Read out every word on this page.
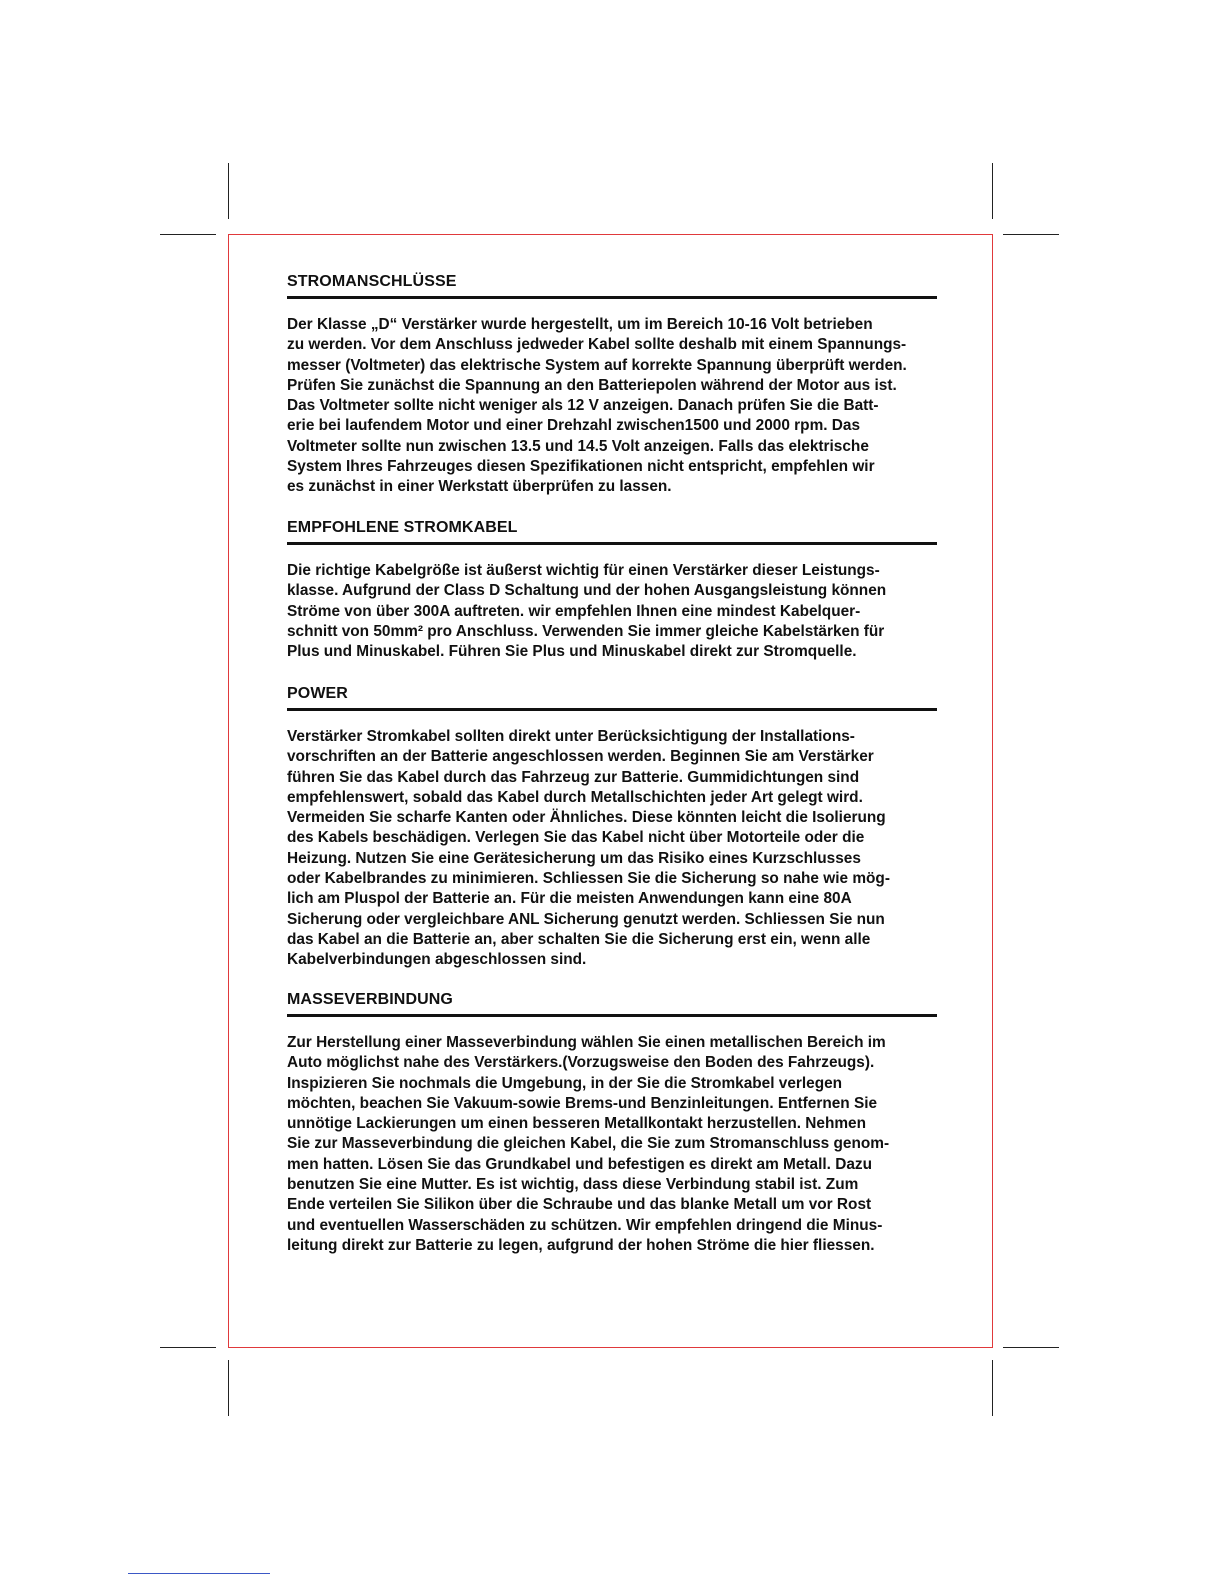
STROMANSCHLÜSSE

Der Klasse „D“ Verstärker wurde hergestellt, um im Bereich 10-16 Volt betrieben
zu werden. Vor dem Anschluss jedweder Kabel sollte deshalb mit einem Spannungs-
messer (Voltmeter) das elektrische System auf korrekte Spannung überprüft werden.
Prüfen Sie zunächst die Spannung an den Batteriepolen während der Motor aus ist.
Das Voltmeter sollte nicht weniger als 12 V anzeigen. Danach prüfen Sie die Batt-
erie bei laufendem Motor und einer Drehzahl zwischen1500 und 2000 rpm. Das
Voltmeter sollte nun zwischen 13.5 und 14.5 Volt anzeigen. Falls das elektrische
System Ihres Fahrzeuges diesen Spezifikationen nicht entspricht, empfehlen wir
es zunächst in einer Werkstatt überprüfen zu lassen.

EMPFOHLENE STROMKABEL

Die richtige Kabelgröße ist äußerst wichtig für einen Verstärker dieser Leistungs-
klasse. Aufgrund der Class D Schaltung und der hohen Ausgangsleistung können
Ströme von über 300A auftreten. wir empfehlen Ihnen eine mindest Kabelquer-
schnitt von 50mm² pro Anschluss. Verwenden Sie immer gleiche Kabelstärken für
Plus und Minuskabel. Führen Sie Plus und Minuskabel direkt zur Stromquelle.

POWER

Verstärker Stromkabel sollten direkt unter Berücksichtigung der Installations-
vorschriften an der Batterie angeschlossen werden. Beginnen Sie am Verstärker
führen Sie das Kabel durch das Fahrzeug zur Batterie. Gummidichtungen sind
empfehlenswert, sobald das Kabel durch Metallschichten jeder Art gelegt wird.
Vermeiden Sie scharfe Kanten oder Ähnliches. Diese könnten leicht die Isolierung
des Kabels beschädigen. Verlegen Sie das Kabel nicht über Motorteile oder die
Heizung. Nutzen Sie eine Gerätesicherung um das Risiko eines Kurzschlusses
oder Kabelbrandes zu minimieren. Schliessen Sie die Sicherung so nahe wie mög-
lich am Pluspol der Batterie an. Für die meisten Anwendungen kann eine 80A
Sicherung oder vergleichbare ANL Sicherung genutzt werden. Schliessen Sie nun
das Kabel an die Batterie an, aber schalten Sie die Sicherung erst ein, wenn alle
Kabelverbindungen abgeschlossen sind.

MASSEVERBINDUNG

Zur Herstellung einer Masseverbindung wählen Sie einen metallischen Bereich im
Auto möglichst nahe des Verstärkers.(Vorzugsweise den Boden des Fahrzeugs).
Inspizieren Sie nochmals die Umgebung, in der Sie die Stromkabel verlegen
möchten, beachen Sie Vakuum-sowie Brems-und Benzinleitungen. Entfernen Sie
unnötige Lackierungen um einen besseren Metallkontakt herzustellen. Nehmen
Sie zur Masseverbindung die gleichen Kabel, die Sie zum Stromanschluss genom-
men hatten. Lösen Sie das Grundkabel und befestigen es direkt am Metall. Dazu
benutzen Sie eine Mutter. Es ist wichtig, dass diese Verbindung stabil ist. Zum
Ende verteilen Sie Silikon über die Schraube und das blanke Metall um vor Rost
und eventuellen Wasserschäden zu schützen. Wir empfehlen dringend die Minus-
leitung direkt zur Batterie zu legen, aufgrund der hohen Ströme die hier fliessen.
